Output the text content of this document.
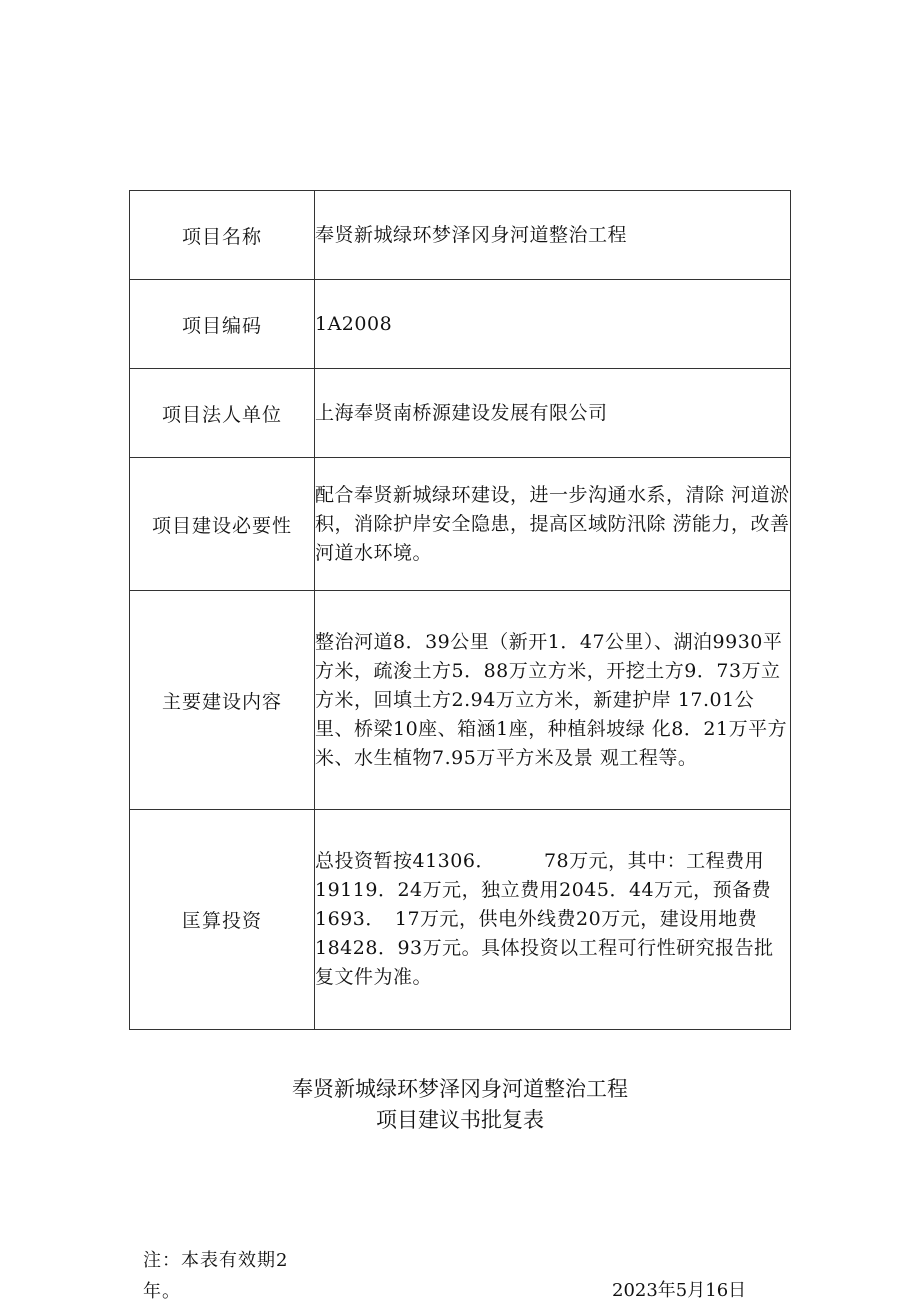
项目名称	奉贤新城绿环梦泽冈身河道整治工程
项目编码	1A2008
项目法人单位	上海奉贤南桥源建设发展有限公司
项目建设必要性	配合奉贤新城绿环建设，进一步沟通水系，清除 河道淤积，消除护岸安全隐患，提高区域防汛除 涝能力，改善河道水环境。
主要建设内容	整治河道8．39公里（新开1．47公里）、湖泊9930平方米，疏浚土方5．88万立方米，开挖土方9．73万立方米，回填土方2.94万立方米，新建护岸 17.01公里、桥梁10座、箱涵1座，种植斜坡绿 化8．21万平方米、水生植物7.95万平方米及景 观工程等。
匡算投资	总投资暂按41306．　　　78万元，其中：工程费用19119．24万元，独立费用2045．44万元，预备费1693．　17万元，供电外线费20万元，建设用地费18428．93万元。具体投资以工程可行性研究报告批复文件为准。
奉贤新城绿环梦泽冈身河道整治工程
项目建议书批复表
注：本表有效期2年。	2023年5月16日
